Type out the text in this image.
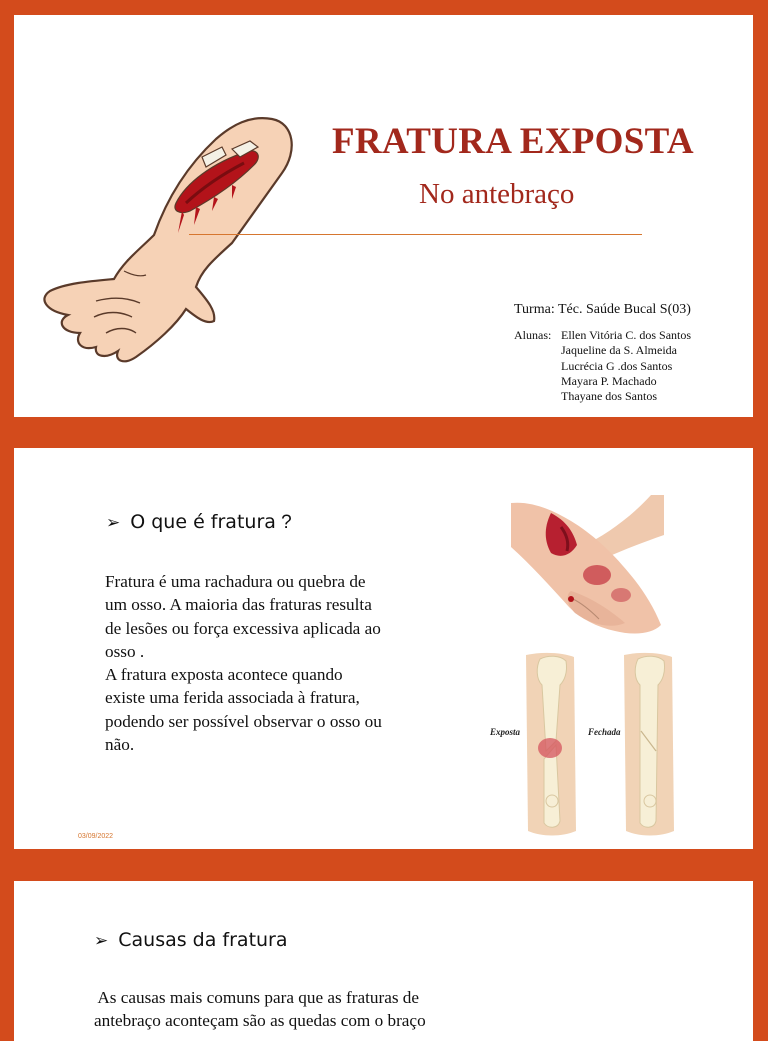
FRATURA EXPOSTA
No antebraço
Turma: Téc. Saúde Bucal S(03)
Alunas: Ellen Vitória C. dos Santos
Jaqueline da S. Almeida
Lucrécia G .dos Santos
Mayara P. Machado
Thayane dos Santos
➢ O que é fratura ?
Fratura é uma rachadura ou quebra de
um osso. A maioria das fraturas resulta
de lesões ou força excessiva aplicada ao
osso .
A fratura exposta acontece quando
existe uma ferida associada à fratura,
podendo ser possível observar o osso ou
não.
03/09/2022
Exposta	Fechada
➢ Causas da fratura
As causas mais comuns para que as fraturas de
antebraço aconteçam são as quedas com o braço
